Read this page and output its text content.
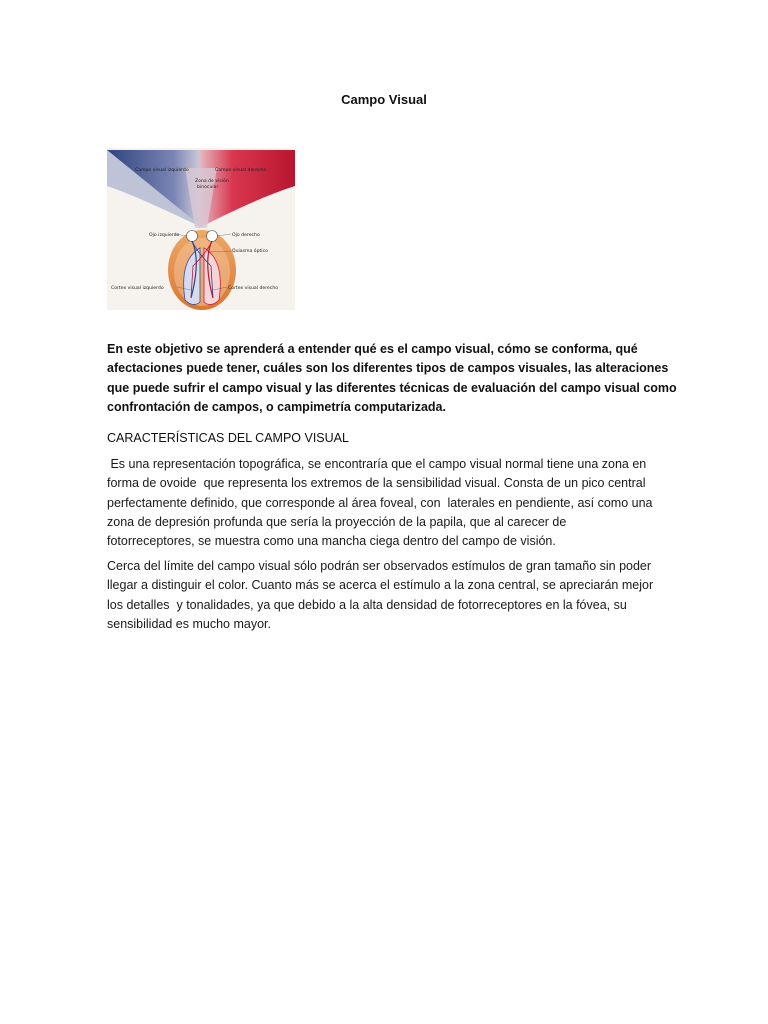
Campo Visual
Campo visual izquierdo	Campo visual derecho
Zona de visión
binocular
Ojo izquierdo	Ojo derecho
Quiasma óptico
Cortex visual izquierdo	Cortex visual derecho
En este objetivo se aprenderá a entender qué es el campo visual, cómo se conforma, qué
afectaciones puede tener, cuáles son los diferentes tipos de campos visuales, las alteraciones
que puede sufrir el campo visual y las diferentes técnicas de evaluación del campo visual como
confrontación de campos, o campimetría computarizada.
CARACTERÍSTICAS DEL CAMPO VISUAL
Es una representación topográfica, se encontraría que el campo visual normal tiene una zona en
forma de ovoide  que representa los extremos de la sensibilidad visual. Consta de un pico central
perfectamente definido, que corresponde al área foveal, con  laterales en pendiente, así como una
zona de depresión profunda que sería la proyección de la papila, que al carecer de
fotorreceptores, se muestra como una mancha ciega dentro del campo de visión.
Cerca del límite del campo visual sólo podrán ser observados estímulos de gran tamaño sin poder
llegar a distinguir el color. Cuanto más se acerca el estímulo a la zona central, se apreciarán mejor
los detalles  y tonalidades, ya que debido a la alta densidad de fotorreceptores en la fóvea, su
sensibilidad es mucho mayor.
